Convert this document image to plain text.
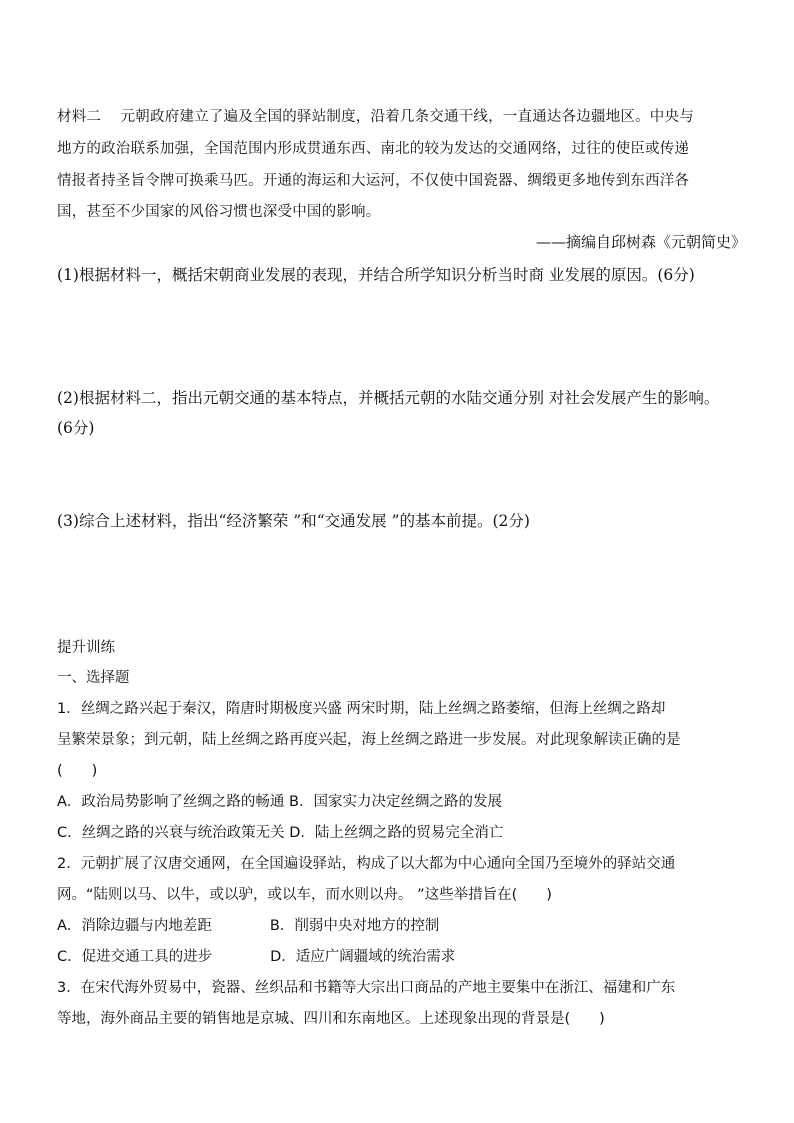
材料二　 元朝政府建立了遍及全国的驿站制度，沿着几条交通干线，一直通达各边疆地区。中央与
地方的政治联系加强，全国范围内形成贯通东西、南北的较为发达的交通网络，过往的使臣或传递
情报者持圣旨令牌可换乘马匹。开通的海运和大运河，不仅使中国瓷器、绸缎更多地传到东西洋各
国，甚至不少国家的风俗习惯也深受中国的影响。
——摘编自邱树森《元朝简史》
(1)根据材料一，概括宋朝商业发展的表现，并结合所学知识分析当时商 业发展的原因。(6分)
(2)根据材料二，指出元朝交通的基本特点，并概括元朝的水陆交通分别 对社会发展产生的影响。
(6分)
(3)综合上述材料，指出“经济繁荣 ”和“交通发展 ”的基本前提。(2分)
提升训练
一、选择题
1．丝绸之路兴起于秦汉，隋唐时期极度兴盛 两宋时期，陆上丝绸之路萎缩，但海上丝绸之路却
呈繁荣景象；到元朝，陆上丝绸之路再度兴起，海上丝绸之路进一步发展。对此现象解读正确的是
(　　)
A．政治局势影响了丝绸之路的畅通 B．国家实力决定丝绸之路的发展
C．丝绸之路的兴衰与统治政策无关 D．陆上丝绸之路的贸易完全消亡
2．元朝扩展了汉唐交通网，在全国遍设驿站，构成了以大都为中心通向全国乃至境外的驿站交通
网。“陆则以马、以牛，或以驴，或以车，而水则以舟。 ”这些举措旨在(　　)
A．消除边疆与内地差距　　　　B．削弱中央对地方的控制
C．促进交通工具的进步　　　　D．适应广阔疆域的统治需求
3．在宋代海外贸易中，瓷器、丝织品和书籍等大宗出口商品的产地主要集中在浙江、福建和广东
等地，海外商品主要的销售地是京城、四川和东南地区。上述现象出现的背景是(　　)
